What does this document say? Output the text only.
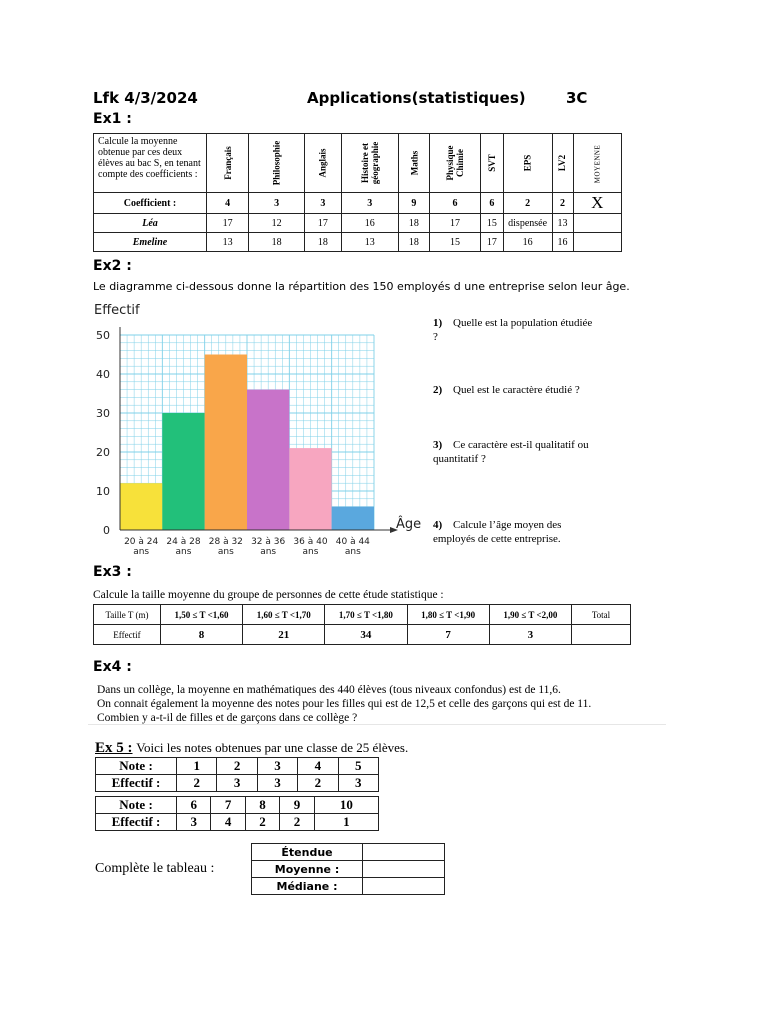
Lfk 4/3/2024	Applications(statistiques)	3C
Ex1 :
Calcule la moyenne obtenue par ces deux élèves au bac S, en tenant compte des coefficients :	Français	Philosophie	Anglais	Histoire et géographie	Maths	Physique Chimie	SVT	EPS	LV2	MOYENNE
Coefficient :	4	3	3	3	9	6	6	2	2	X
Léa	17	12	17	16	18	17	15	dispensée	13	
Emeline	13	18	18	13	18	15	17	16	16	
Ex2 :
Le diagramme ci-dessous donne la répartition des 150 employés d une entreprise selon leur âge.
0
10
20
30
40
50
20 à 24
ans
24 à 28
ans
28 à 32
ans
32 à 36
ans
36 à 40
ans
40 à 44
ans
Effectif
Âge
1) Quelle est la population étudiée ?
2) Quel est le caractère étudié ?
3) Ce caractère est-il qualitatif ou quantitatif ?
4) Calcule l’âge moyen des employés de cette entreprise.
Ex3 :
Calcule la taille moyenne du groupe de personnes de cette étude statistique :
Taille T (m)	1,50 ≤ T <1,60	1,60 ≤ T <1,70	1,70 ≤ T <1,80	1,80 ≤ T <1,90	1,90 ≤ T <2,00	Total
Effectif	8	21	34	7	3	
Ex4 :
Dans un collège, la moyenne en mathématiques des 440 élèves (tous niveaux confondus) est de 11,6.
On connait également la moyenne des notes pour les filles qui est de 12,5 et celle des garçons qui est de 11.
Combien y a-t-il de filles et de garçons dans ce collège ?
Ex 5 : Voici les notes obtenues par une classe de 25 élèves.
Note :	1	2	3	4	5
Effectif :	2	3	3	2	3
Note :	6	7	8	9	10
Effectif :	3	4	2	2	1
Complète le tableau :
Étendue	
Moyenne :	
Médiane :	
